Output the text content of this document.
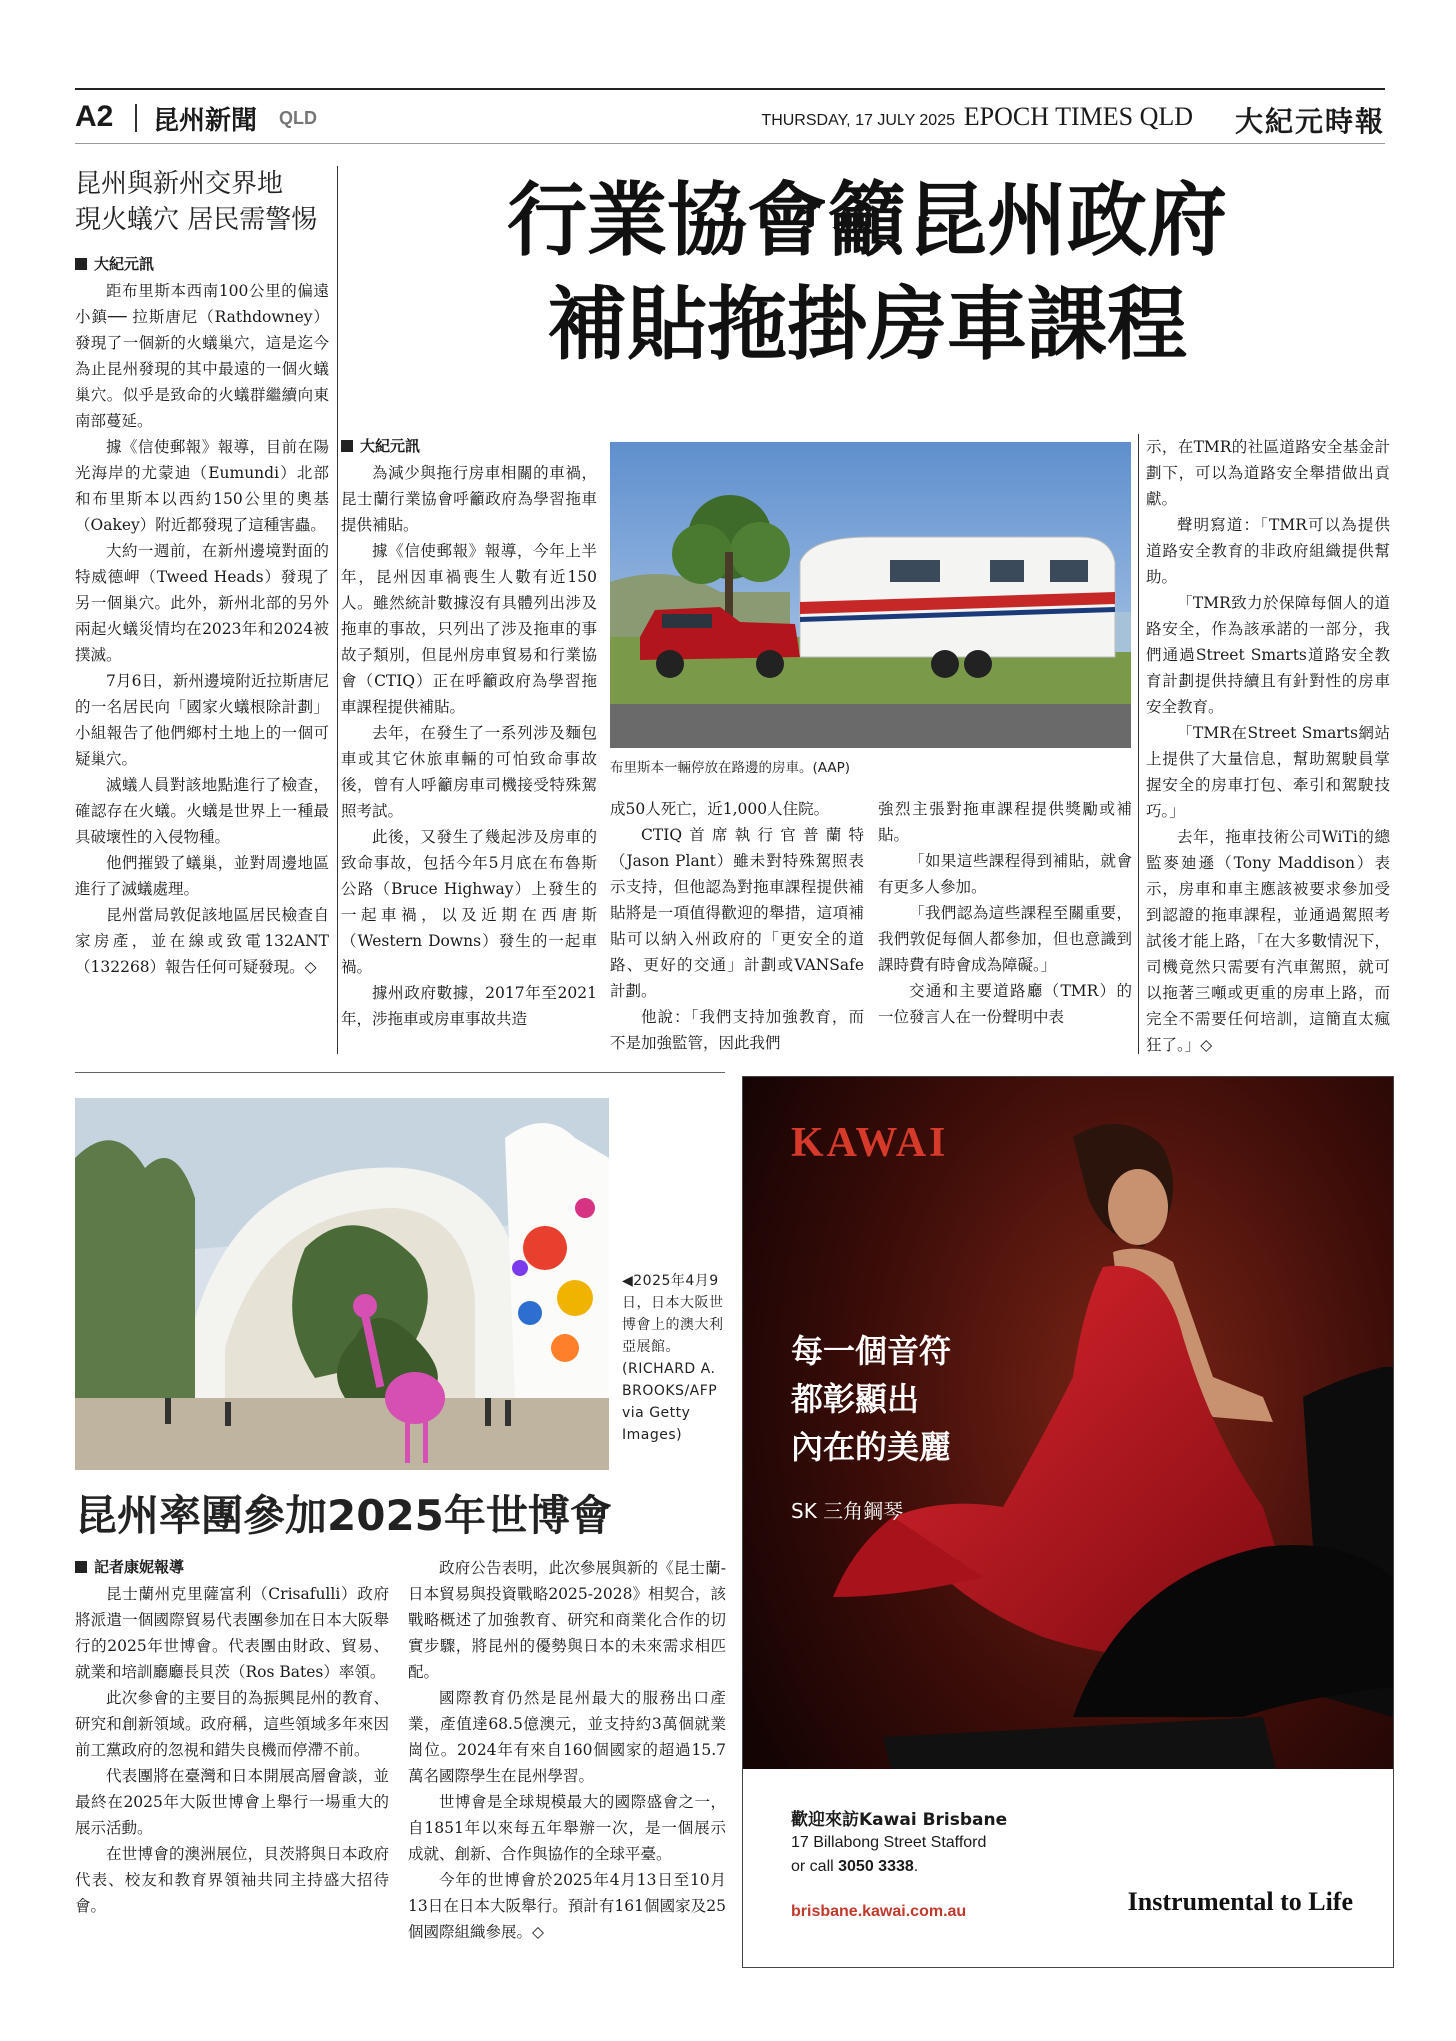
A2 昆州新聞 QLD	THURSDAY, 17 JULY 2025 EPOCH TIMES QLD 大紀元時報
昆州與新州交界地
現火蟻穴 居民需警惕
大紀元訊

距布里斯本西南100公里的偏遠小鎮── 拉斯唐尼（Rathdowney）發現了一個新的火蟻巢穴，這是迄今為止昆州發現的其中最遠的一個火蟻巢穴。似乎是致命的火蟻群繼續向東南部蔓延。

據《信使郵報》報導，目前在陽光海岸的尤蒙迪（Eumundi）北部和布里斯本以西約150公里的奧基（Oakey）附近都發現了這種害蟲。

大約一週前，在新州邊境對面的特威德岬（Tweed Heads）發現了另一個巢穴。此外，新州北部的另外兩起火蟻災情均在2023年和2024被撲滅。

7月6日，新州邊境附近拉斯唐尼的一名居民向「國家火蟻根除計劃」小組報告了他們鄉村土地上的一個可疑巢穴。

滅蟻人員對該地點進行了檢查，確認存在火蟻。火蟻是世界上一種最具破壞性的入侵物種。

他們摧毀了蟻巢，並對周邊地區進行了滅蟻處理。

昆州當局敦促該地區居民檢查自家房產，並在線或致電132ANT（132268）報告任何可疑發現。◇

行業協會籲昆州政府
補貼拖掛房車課程
大紀元訊

為減少與拖行房車相關的車禍，昆士蘭行業協會呼籲政府為學習拖車提供補貼。

據《信使郵報》報導，今年上半年，昆州因車禍喪生人數有近150人。雖然統計數據沒有具體列出涉及拖車的事故，只列出了涉及拖車的事故子類別，但昆州房車貿易和行業協會（CTIQ）正在呼籲政府為學習拖車課程提供補貼。

去年，在發生了一系列涉及麵包車或其它休旅車輛的可怕致命事故後，曾有人呼籲房車司機接受特殊駕照考試。

此後，又發生了幾起涉及房車的致命事故，包括今年5月底在布魯斯公路（Bruce Highway）上發生的一起車禍，以及近期在西唐斯（Western Downs）發生的一起車禍。

據州政府數據，2017年至2021年，涉拖車或房車事故共造

布里斯本一輛停放在路邊的房車。(AAP)
成50人死亡，近1,000人住院。

CTIQ首席執行官普蘭特（Jason Plant）雖未對特殊駕照表示支持，但他認為對拖車課程提供補貼將是一項值得歡迎的舉措，這項補貼可以納入州政府的「更安全的道路、更好的交通」計劃或VANSafe計劃。

他說：「我們支持加強教育，而不是加強監管，因此我們

強烈主張對拖車課程提供獎勵或補貼。

「如果這些課程得到補貼，就會有更多人參加。

「我們認為這些課程至關重要，我們敦促每個人都參加，但也意識到課時費有時會成為障礙。」

交通和主要道路廳（TMR）的一位發言人在一份聲明中表

示，在TMR的社區道路安全基金計劃下，可以為道路安全舉措做出貢獻。

聲明寫道：「TMR可以為提供道路安全教育的非政府組織提供幫助。

「TMR致力於保障每個人的道路安全，作為該承諾的一部分，我們通過Street Smarts道路安全教育計劃提供持續且有針對性的房車安全教育。

「TMR在Street Smarts網站上提供了大量信息，幫助駕駛員掌握安全的房車打包、牽引和駕駛技巧。」

去年，拖車技術公司WiTi的總監麥廸遜（Tony Maddison）表示，房車和車主應該被要求參加受到認證的拖車課程，並通過駕照考試後才能上路，「在大多數情況下，司機竟然只需要有汽車駕照，就可以拖著三噸或更重的房車上路，而完全不需要任何培訓，這簡直太瘋狂了。」◇

◀2025年4月9日，日本大阪世博會上的澳大利亞展館。(RICHARD A. BROOKS/AFP via Getty Images)
昆州率團參加2025年世博會
記者康妮報導

昆士蘭州克里薩富利（Crisafulli）政府將派遣一個國際貿易代表團參加在日本大阪舉行的2025年世博會。代表團由財政、貿易、就業和培訓廳廳長貝茨（Ros Bates）率領。

此次參會的主要目的為振興昆州的教育、研究和創新領域。政府稱，這些領域多年來因前工黨政府的忽視和錯失良機而停滯不前。

代表團將在臺灣和日本開展高層會談，並最終在2025年大阪世博會上舉行一場重大的展示活動。

在世博會的澳洲展位，貝茨將與日本政府代表、校友和教育界領袖共同主持盛大招待會。

政府公告表明，此次參展與新的《昆士蘭-日本貿易與投資戰略2025-2028》相契合，該戰略概述了加強教育、研究和商業化合作的切實步驟，將昆州的優勢與日本的未來需求相匹配。

國際教育仍然是昆州最大的服務出口產業，產值達68.5億澳元，並支持約3萬個就業崗位。2024年有來自160個國家的超過15.7萬名國際學生在昆州學習。

世博會是全球規模最大的國際盛會之一，自1851年以來每五年舉辦一次，是一個展示成就、創新、合作與協作的全球平臺。

今年的世博會於2025年4月13日至10月13日在日本大阪舉行。預計有161個國家及25個國際組織參展。◇

KAWAI
每一個音符
都彰顯出
內在的美麗
SK 三角鋼琴
歡迎來訪Kawai Brisbane
17 Billabong Street Stafford
or call 3050 3338.
brisbane.kawai.com.au	Instrumental to Life
